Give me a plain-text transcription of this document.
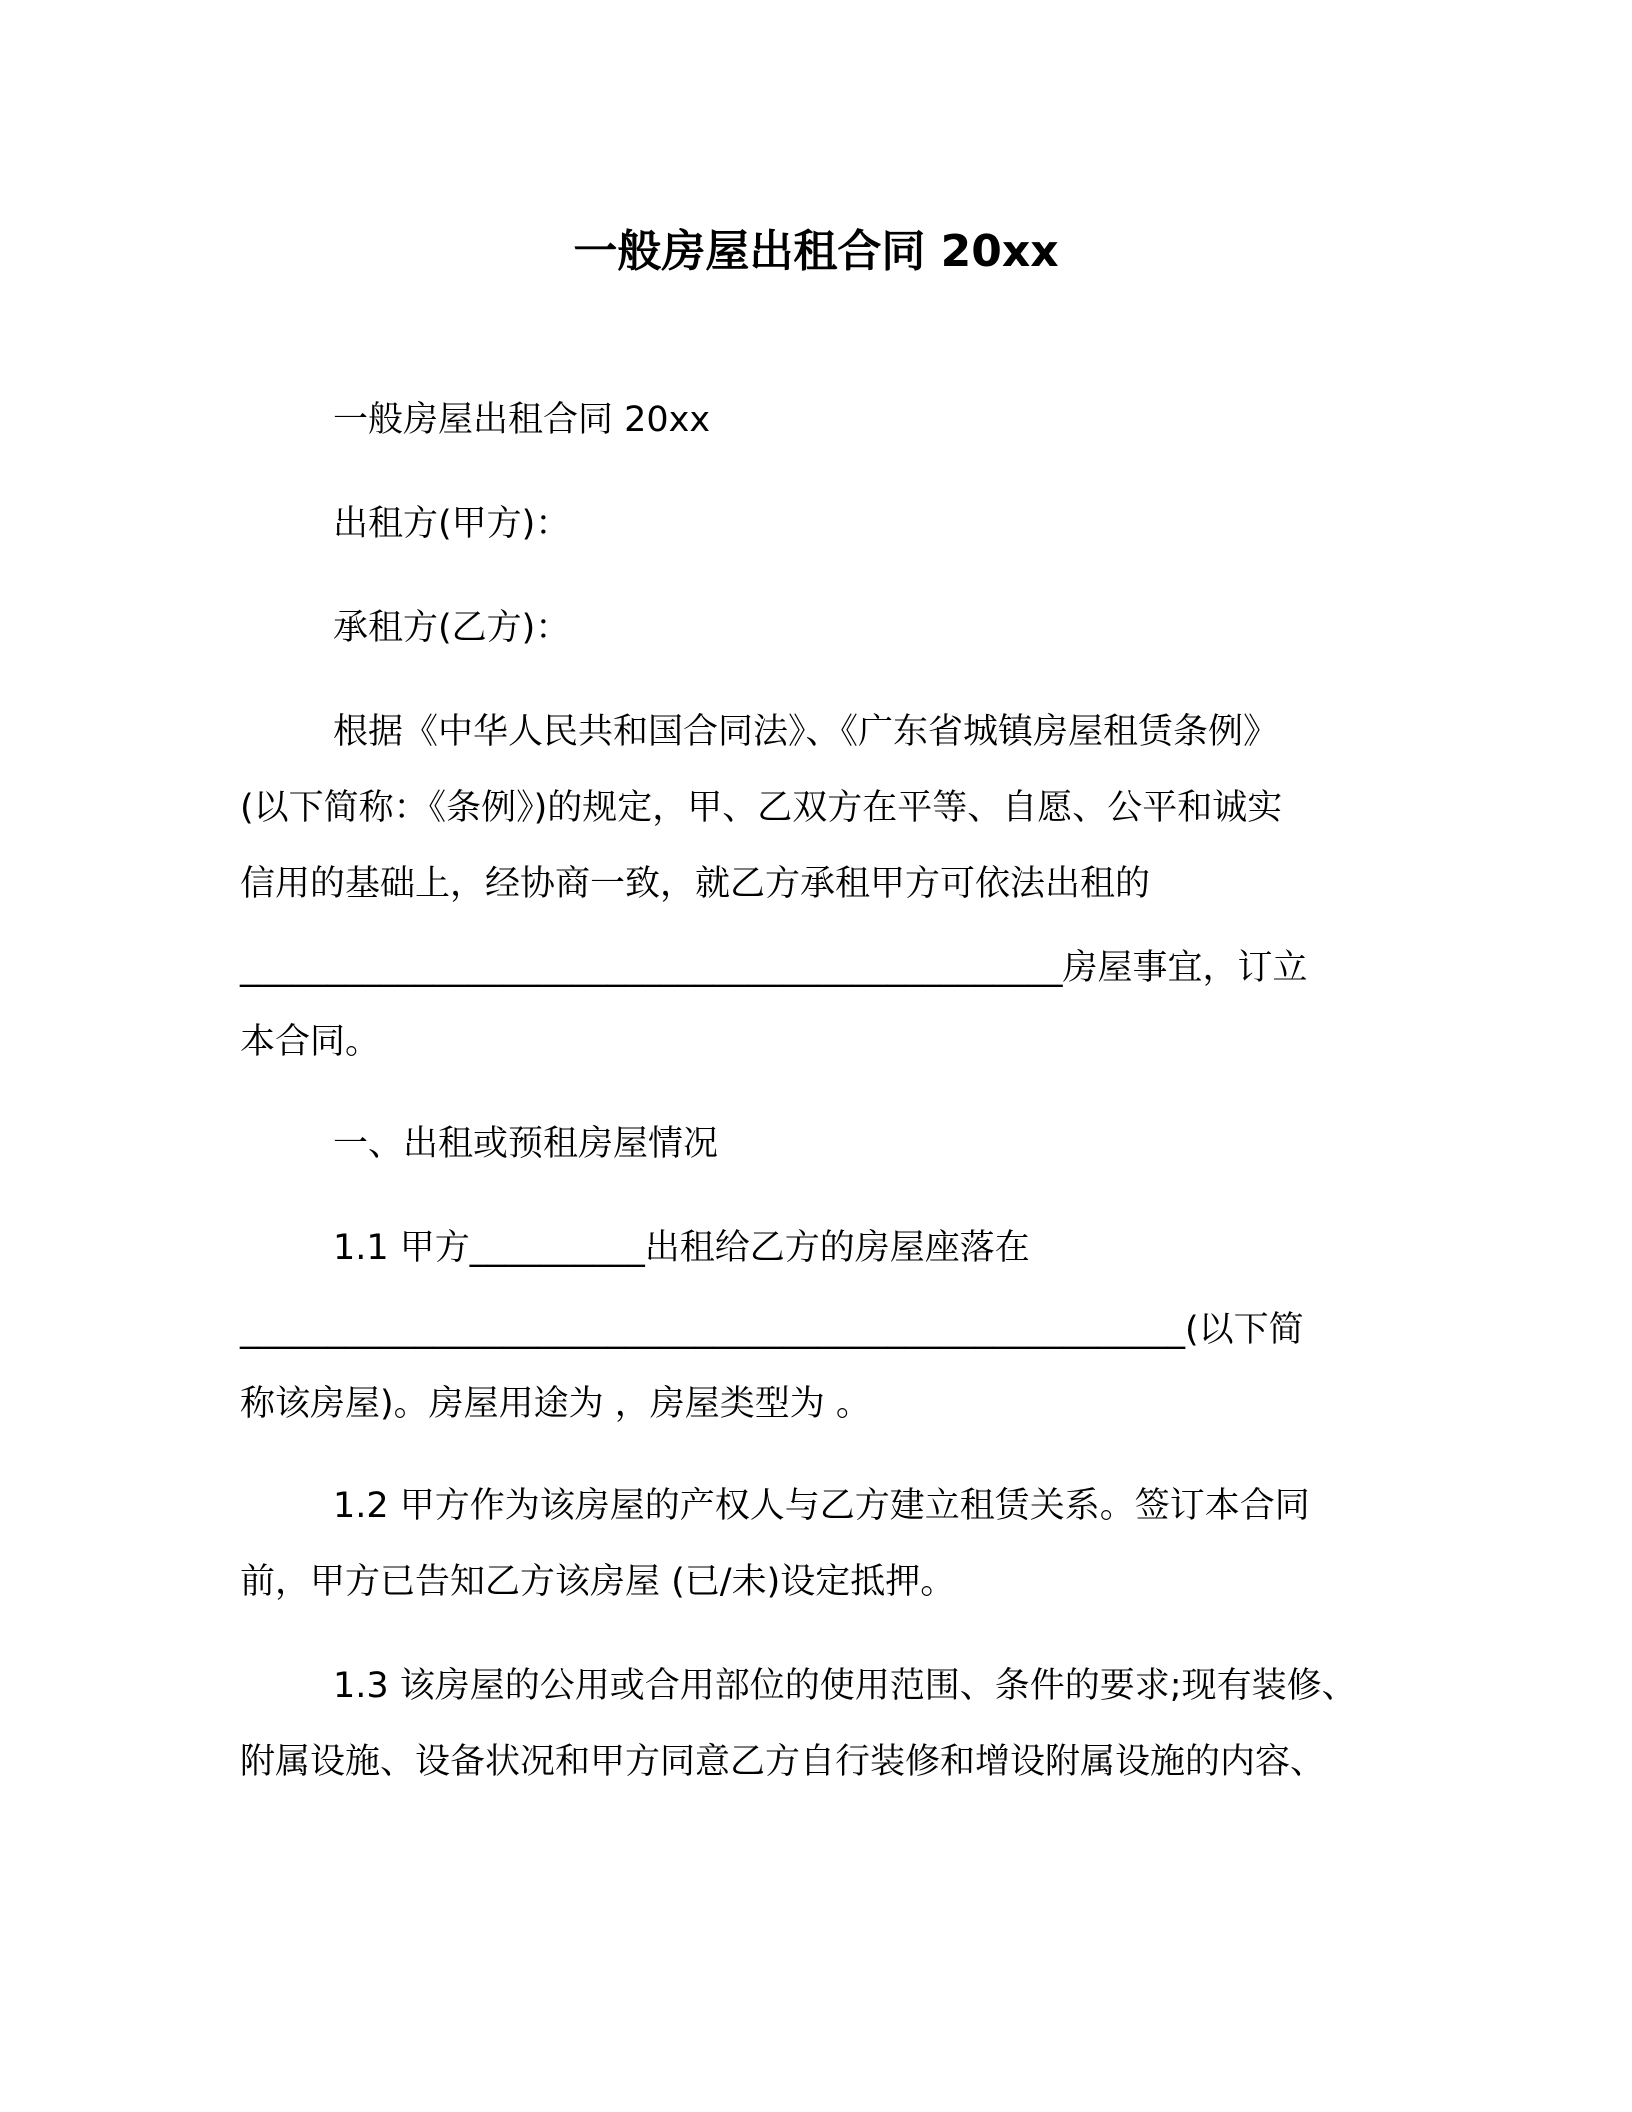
一般房屋出租合同 20xx
一般房屋出租合同 20xx
出租方(甲方)：
承租方(乙方)：
根据《中华人民共和国合同法》、《广东省城镇房屋租赁条例》
(以下简称：《条例》)的规定，甲、乙双方在平等、自愿、公平和诚实
信用的基础上，经协商一致，就乙方承租甲方可依法出租的
_______________________________________________房屋事宜，订立
本合同。
一、出租或预租房屋情况
1.1 甲方__________出租给乙方的房屋座落在
______________________________________________________(以下简
称该房屋)。房屋用途为 ，房屋类型为 。
1.2 甲方作为该房屋的产权人与乙方建立租赁关系。签订本合同
前，甲方已告知乙方该房屋 (已/未)设定抵押。
1.3 该房屋的公用或合用部位的使用范围、条件的要求;现有装修、
附属设施、设备状况和甲方同意乙方自行装修和增设附属设施的内容、
